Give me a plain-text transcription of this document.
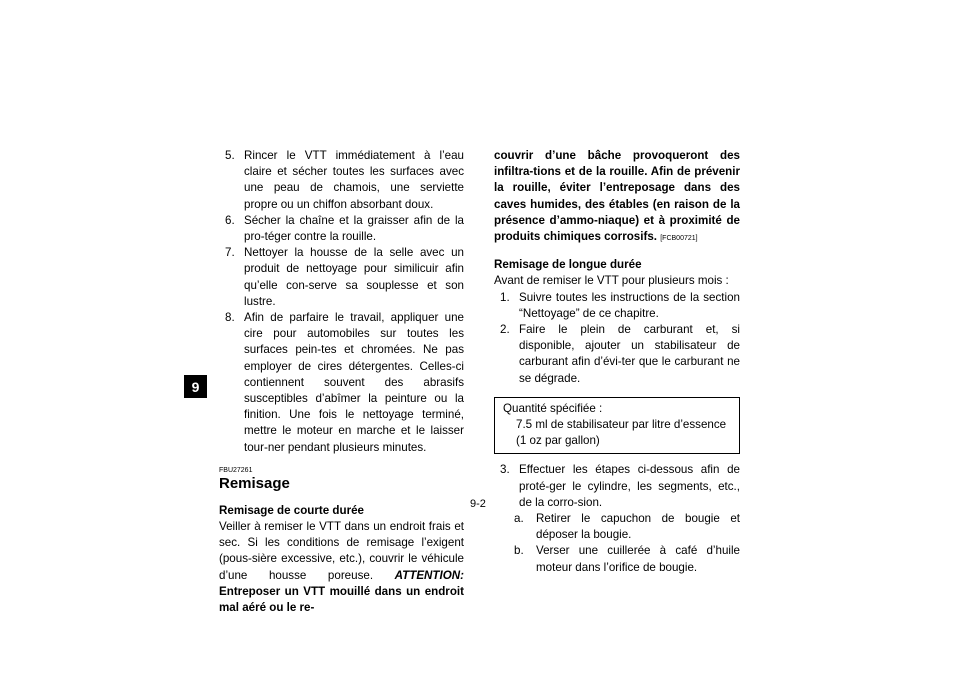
9
5. Rincer le VTT immédiatement à l’eau claire et sécher toutes les surfaces avec une peau de chamois, une serviette propre ou un chiffon absorbant doux.

6. Sécher la chaîne et la graisser afin de la pro-téger contre la rouille.

7. Nettoyer la housse de la selle avec un produit de nettoyage pour similicuir afin qu’elle con-serve sa souplesse et son lustre.

8. Afin de parfaire le travail, appliquer une cire pour automobiles sur toutes les surfaces pein-tes et chromées. Ne pas employer de cires détergentes. Celles-ci contiennent souvent des abrasifs susceptibles d’abîmer la peinture ou la finition. Une fois le nettoyage terminé, mettre le moteur en marche et le laisser tour-ner pendant plusieurs minutes.

FBU27261
Remisage

Remisage de courte durée

Veiller à remiser le VTT dans un endroit frais et sec. Si les conditions de remisage l’exigent (pous-sière excessive, etc.), couvrir le véhicule d’une housse poreuse. ATTENTION: Entreposer un VTT mouillé dans un endroit mal aéré ou le re-

couvrir d’une bâche provoqueront des infiltra-tions et de la rouille. Afin de prévenir la rouille, éviter l’entreposage dans des caves humides, des étables (en raison de la présence d’ammo-niaque) et à proximité de produits chimiques corrosifs. [FCB00721]

Remisage de longue durée

Avant de remiser le VTT pour plusieurs mois :

1. Suivre toutes les instructions de la section “Nettoyage” de ce chapitre.

2. Faire le plein de carburant et, si disponible, ajouter un stabilisateur de carburant afin d’évi-ter que le carburant ne se dégrade.

Quantité spécifiée :

7.5 ml de stabilisateur par litre d’essence (1 oz par gallon)

3. Effectuer les étapes ci-dessous afin de proté-ger le cylindre, les segments, etc., de la corro-sion.

a. Retirer le capuchon de bougie et déposer la bougie.

b. Verser une cuillerée à café d’huile moteur dans l’orifice de bougie.

9-2
